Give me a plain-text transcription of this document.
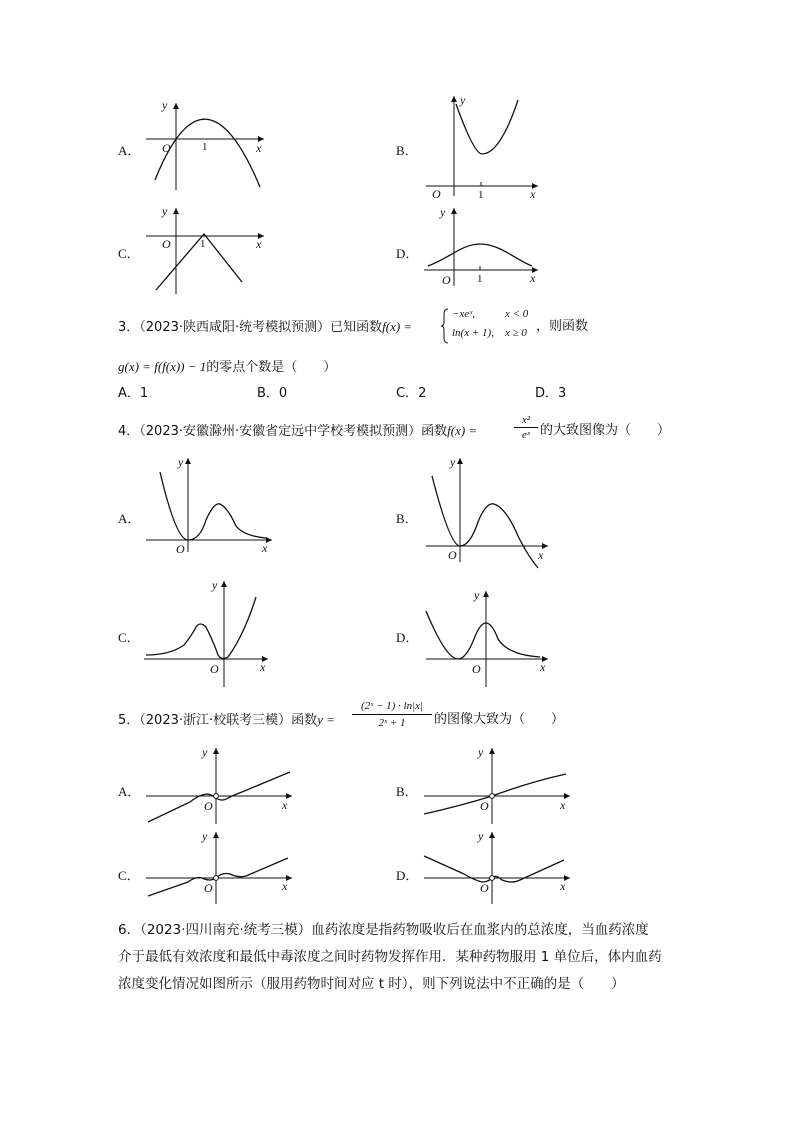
A．
y
x
O	1	B．
y
x
O	1
C．
y
x
O	1
D．
y
x
O 1
3．（2023·陕西咸阳·统考模拟预测）已知函数f(x) =
−xeˣ,	x < 0
ln(x + 1), x ≥ 0 ，则函数
g(x) = f(f(x)) − 1的零点个数是（　　）
A．1	B．0	C．2	D．3
4．（2023·安徽滁州·安徽省定远中学校考模拟预测）函数f(x) =
x²
eˣ 的大致图像为（　　）
A．
y
x
O
B．
y
x
O
C．
y
x
O
D．
y
x
O
5．（2023·浙江·校联考三模）函数y =
(2ˣ − 1) · ln|x|
2ˣ + 1	的图像大致为（　　）
A．
y
x
O
B．
y
x
O
C．
y
x
O
D．
y
x
O
6．（2023·四川南充·统考三模）血药浓度是指药物吸收后在血浆内的总浓度，当血药浓度
介于最低有效浓度和最低中毒浓度之间时药物发挥作用．某种药物服用 1 单位后，体内血药
浓度变化情况如图所示（服用药物时间对应 t 时），则下列说法中不正确的是（　　）
